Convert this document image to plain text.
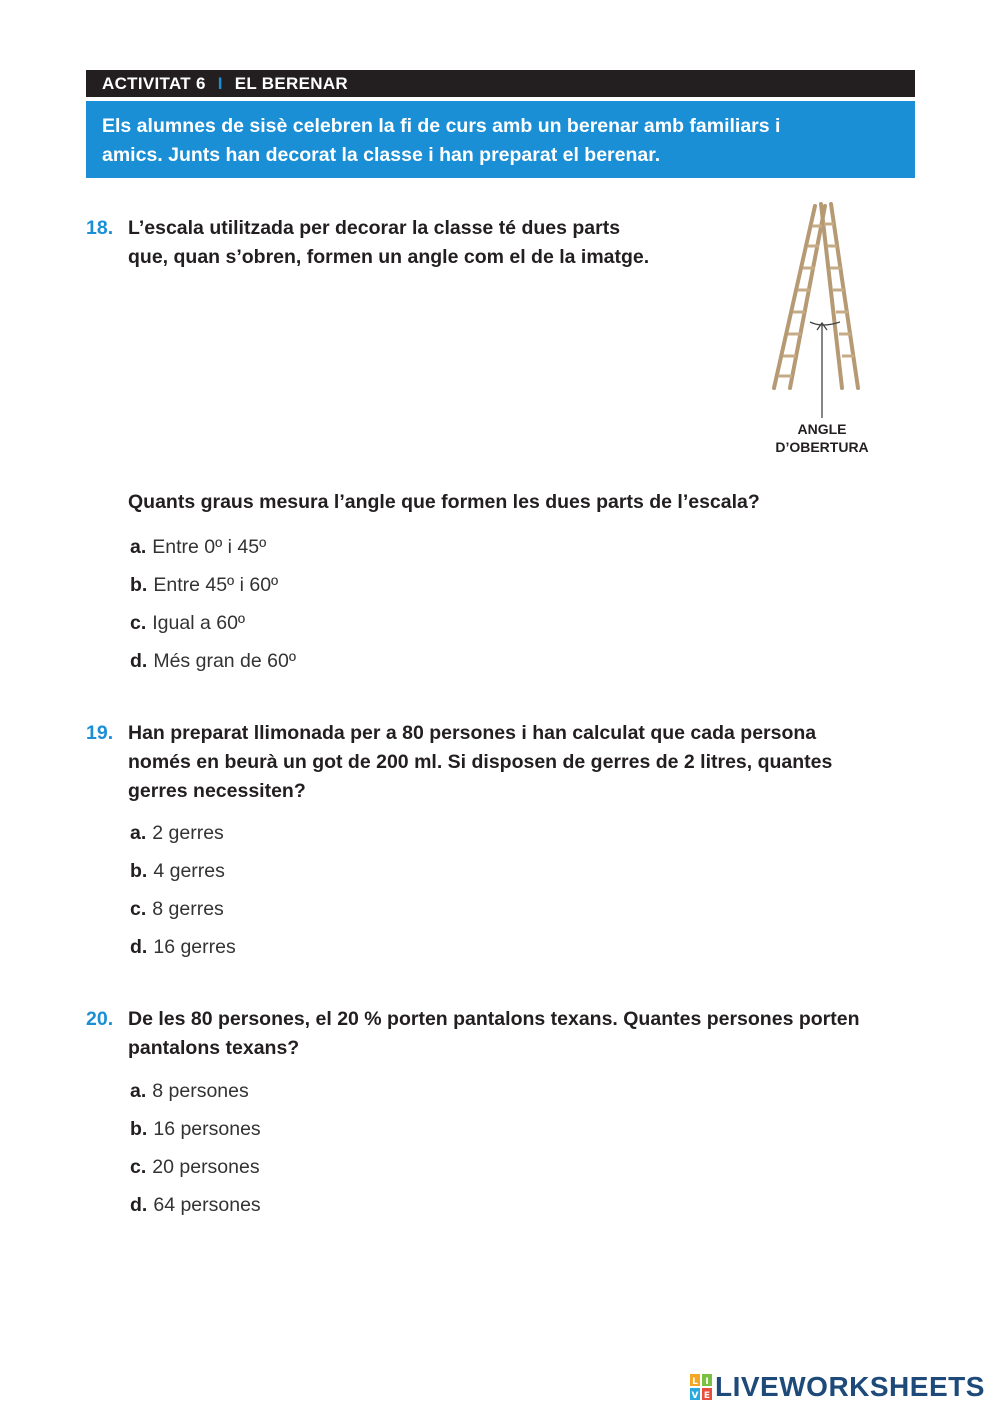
ACTIVITAT 6 I EL BERENAR
Els alumnes de sisè celebren la fi de curs amb un berenar amb familiars i
amics. Junts han decorat la classe i han preparat el berenar.
18. L’escala utilitzada per decorar la classe té dues parts
que, quan s’obren, formen un angle com el de la imatge.
ANGLE
D’OBERTURA
Quants graus mesura l’angle que formen les dues parts de l’escala?
a. Entre 0º i 45º
b. Entre 45º i 60º
c. Igual a 60º
d. Més gran de 60º
19. Han preparat llimonada per a 80 persones i han calculat que cada persona
només en beurà un got de 200 ml. Si disposen de gerres de 2 litres, quantes
gerres necessiten?
a. 2 gerres
b. 4 gerres
c. 8 gerres
d. 16 gerres
20. De les 80 persones, el 20 % porten pantalons texans. Quantes persones porten
pantalons texans?
a. 8 persones
b. 16 persones
c. 20 persones
d. 64 persones
L I
V E LIVEWORKSHEETS
